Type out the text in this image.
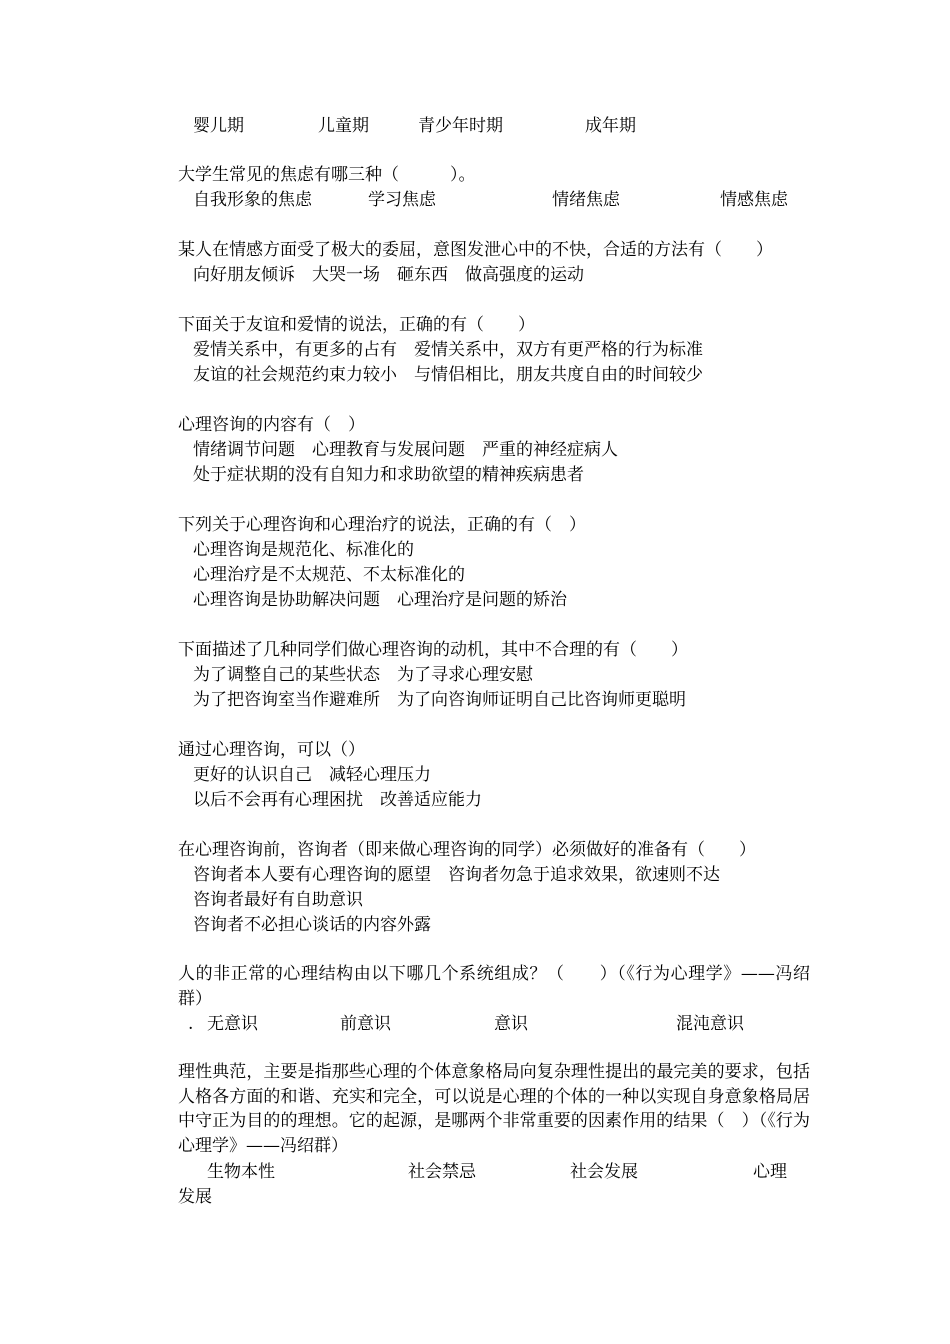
婴儿期	儿童期	青少年时期	成年期
大学生常见的焦虑有哪三种（　　　）。
自我形象的焦虑	学习焦虑	情绪焦虑	情感焦虑
某人在情感方面受了极大的委屈，意图发泄心中的不快，合适的方法有（　　）
向好朋友倾诉　大哭一场　砸东西　做高强度的运动
下面关于友谊和爱情的说法，正确的有（　　）
爱情关系中，有更多的占有　爱情关系中，双方有更严格的行为标准
友谊的社会规范约束力较小　与情侣相比，朋友共度自由的时间较少
心理咨询的内容有（　）
情绪调节问题　心理教育与发展问题　严重的神经症病人
处于症状期的没有自知力和求助欲望的精神疾病患者
下列关于心理咨询和心理治疗的说法，正确的有（　）
心理咨询是规范化、标准化的
心理治疗是不太规范、不太标准化的
心理咨询是协助解决问题　心理治疗是问题的矫治
下面描述了几种同学们做心理咨询的动机，其中不合理的有（　　）
为了调整自己的某些状态　为了寻求心理安慰
为了把咨询室当作避难所　为了向咨询师证明自己比咨询师更聪明
通过心理咨询，可以（）
更好的认识自己　减轻心理压力
以后不会再有心理困扰　改善适应能力
在心理咨询前，咨询者（即来做心理咨询的同学）必须做好的准备有（　　）
咨询者本人要有心理咨询的愿望　咨询者勿急于追求效果，欲速则不达
咨询者最好有自助意识
咨询者不必担心谈话的内容外露
人的非正常的心理结构由以下哪几个系统组成？（　　）（《行为心理学》——冯绍群）
. 无意识	前意识	意识	混沌意识
理性典范，主要是指那些心理的个体意象格局向复杂理性提出的最完美的要求，包括人格各方面的和谐、充实和完全，可以说是心理的个体的一种以实现自身意象格局居中守正为目的的理想。它的起源，是哪两个非常重要的因素作用的结果（　）（《行为心理学》——冯绍群）
生物本性	社会禁忌	社会发展	心理
发展
